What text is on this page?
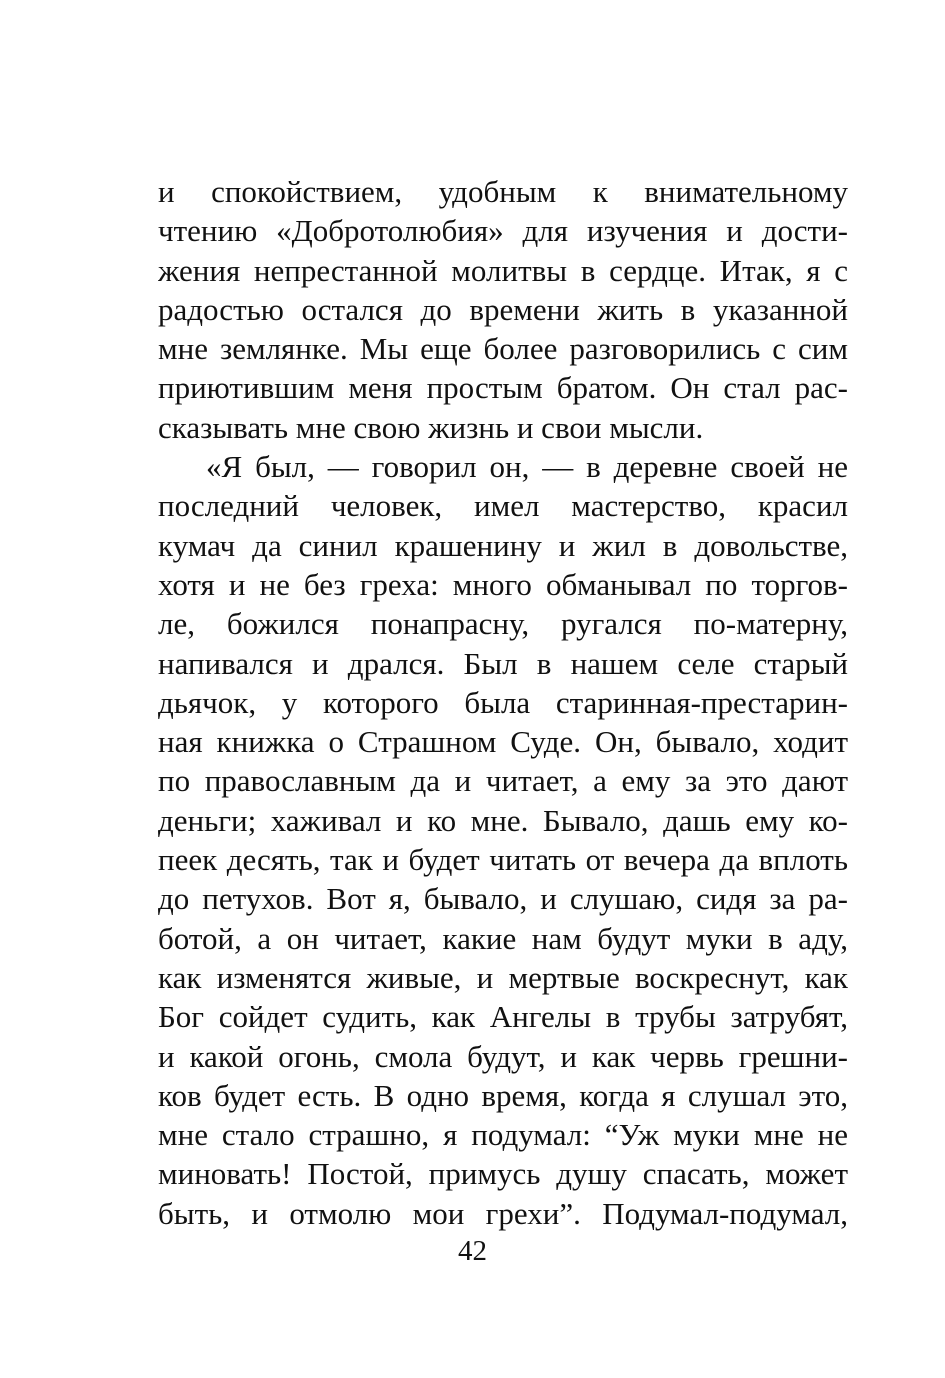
и спокойствием, удобным к внимательному
чтению «Добротолюбия» для изучения и дости-
жения непрестанной молитвы в сердце. Итак, я с
радостью остался до времени жить в указанной
мне землянке. Мы еще более разговорились с сим
приютившим меня простым братом. Он стал рас-
сказывать мне свою жизнь и свои мысли.
«Я был, — говорил он, — в деревне своей не
последний человек, имел мастерство, красил
кумач да синил крашенину и жил в довольстве,
хотя и не без греха: много обманывал по торгов-
ле, божился понапрасну, ругался по-матерну,
напивался и дрался. Был в нашем селе старый
дьячок, у которого была старинная-престарин-
ная книжка о Страшном Суде. Он, бывало, ходит
по православным да и читает, а ему за это дают
деньги; хаживал и ко мне. Бывало, дашь ему ко-
пеек десять, так и будет читать от вечера да вплоть
до петухов. Вот я, бывало, и слушаю, сидя за ра-
ботой, а он читает, какие нам будут муки в аду,
как изменятся живые, и мертвые воскреснут, как
Бог сойдет судить, как Ангелы в трубы затрубят,
и какой огонь, смола будут, и как червь грешни-
ков будет есть. В одно время, когда я слушал это,
мне стало страшно, я подумал: “Уж муки мне не
миновать! Постой, примусь душу спасать, может
быть, и отмолю мои грехи”. Подумал-подумал,
42
